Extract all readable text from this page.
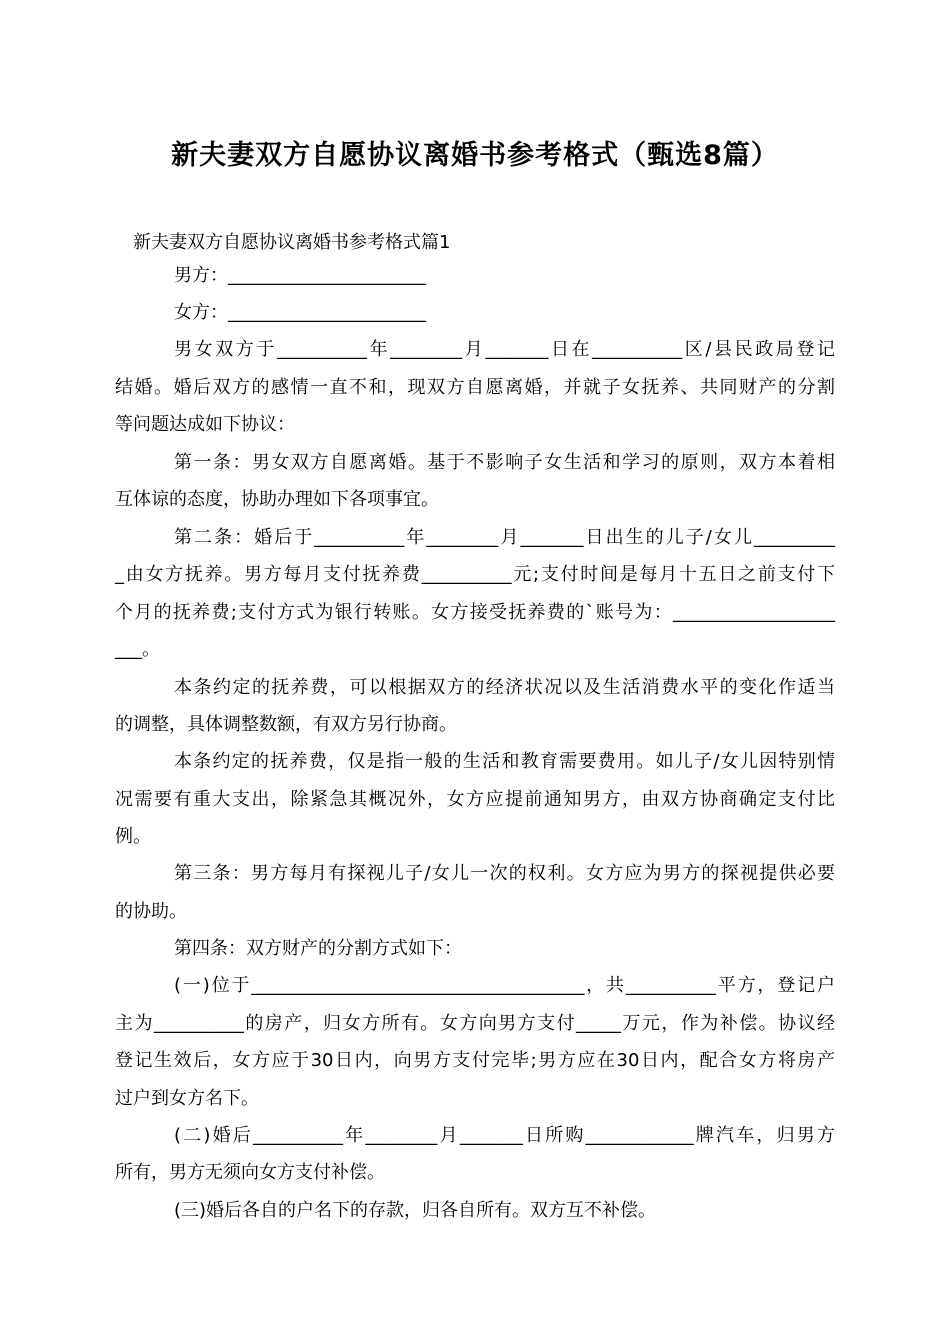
新夫妻双方自愿协议离婚书参考格式（甄选8篇）
新夫妻双方自愿协议离婚书参考格式篇1
男方：______________________
女方：______________________
男女双方于__________年________月_______日在__________区/县民政局登记
结婚。婚后双方的感情一直不和，现双方自愿离婚，并就子女抚养、共同财产的分割
等问题达成如下协议：
第一条：男女双方自愿离婚。基于不影响子女生活和学习的原则，双方本着相
互体谅的态度，协助办理如下各项事宜。
第二条：婚后于__________年________月_______日出生的儿子/女儿_________
_由女方抚养。男方每月支付抚养费__________元;支付时间是每月十五日之前支付下
个月的抚养费;支付方式为银行转账。女方接受抚养费的`账号为：__________________
___。
本条约定的抚养费，可以根据双方的经济状况以及生活消费水平的变化作适当
的调整，具体调整数额，有双方另行协商。
本条约定的抚养费，仅是指一般的生活和教育需要费用。如儿子/女儿因特别情
况需要有重大支出，除紧急其概况外，女方应提前通知男方，由双方协商确定支付比
例。
第三条：男方每月有探视儿子/女儿一次的权利。女方应为男方的探视提供必要
的协助。
第四条：双方财产的分割方式如下：
(一)位于_____________________________________，共__________平方，登记户
主为__________的房产，归女方所有。女方向男方支付_____万元，作为补偿。协议经
登记生效后，女方应于30日内，向男方支付完毕;男方应在30日内，配合女方将房产
过户到女方名下。
(二)婚后__________年________月_______日所购____________牌汽车，归男方
所有，男方无须向女方支付补偿。
(三)婚后各自的户名下的存款，归各自所有。双方互不补偿。
